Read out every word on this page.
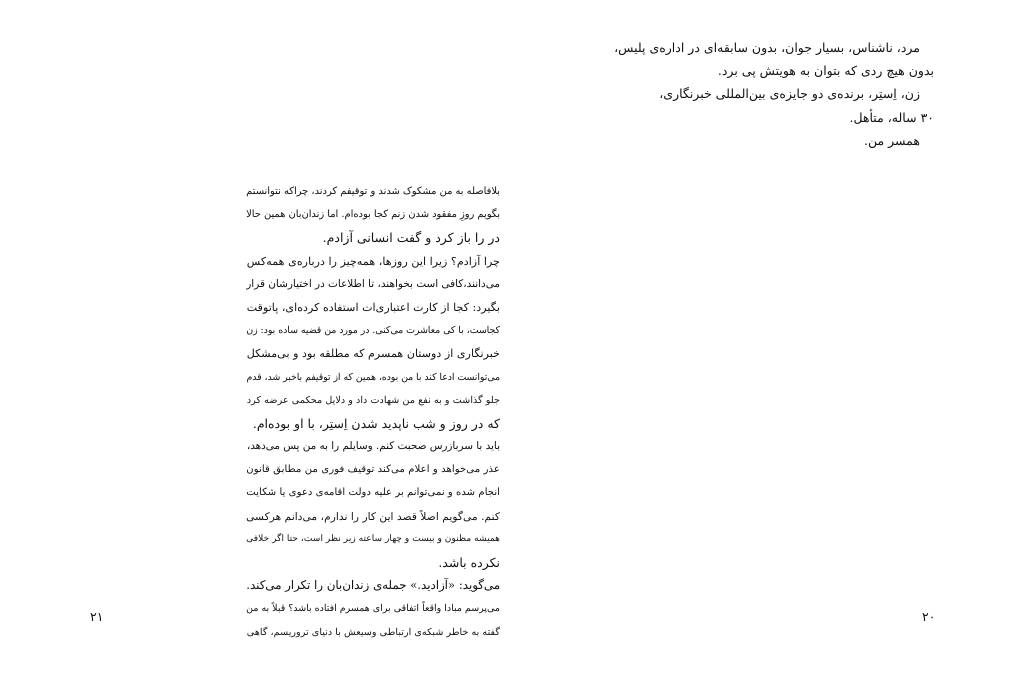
بلافاصله به من مشکوک شدند و توقیفم کردند، چراکه نتوانستم
بگویم روزِ مفقود شدن زنم کجا بوده‌ام. اما زندان‌بان همین حالا
در را باز کرد و گفت انسانی آزادم.
چرا آزادم؟ زیرا این روزها، همه‌چیز را درباره‌ی همه‌کس
می‌دانند،کافی است بخواهند، تا اطلاعات در اختیارشان قرار
بگیرد: کجا از کارت اعتباری‌ات استفاده کرده‌ای، پاتوقت
کجاست، با کی معاشرت می‌کنی. در مورد من قضیه ساده بود: زن
خبرنگاری از دوستان همسرم که مطلقه بود و بی‌مشکل
می‌توانست ادعا کند با من بوده، همین که از توقیفم باخبر شد، قدم
جلو گذاشت و به نفع من شهادت داد و دلایل محکمی عرضه کرد
که در روز و شب ناپدید شدن اِستِر، با او بوده‌ام.
باید با سربازرس صحبت کنم. وسایلم را به من پس می‌دهد،
عذر می‌خواهد و اعلام می‌کند توقیف فوری من مطابق قانون
انجام شده و نمی‌توانم بر علیه دولت اقامه‌ی دعوی یا شکایت
کنم. می‌گویم اصلاً قصد این کار را ندارم، می‌دانم هرکسی
همیشه مظنون و بیست و چهار ساعته زیر نظر است، حتا اگر خلافی
نکرده باشد.
می‌گوید: «آزادید.» جمله‌ی زندان‌بان را تکرار می‌کند.
می‌پرسم مبادا واقعاً اتفاقی برای همسرم افتاده باشد؟ قبلاً به من
گفته به خاطر شبکه‌ی ارتباطی وسیعش با دنیای تروریسم، گاهی
۲۱
مرد، ناشناس، بسیار جوان، بدون سابقه‌ای در اداره‌ی پلیس،
بدون هیچ ردی که بتوان به هویتش پی برد.
زن، اِستِر، برنده‌ی دو جایزه‌ی بین‌المللی خبرنگاری،
۳۰ ساله، متأهل.
همسر من.
۲۰
